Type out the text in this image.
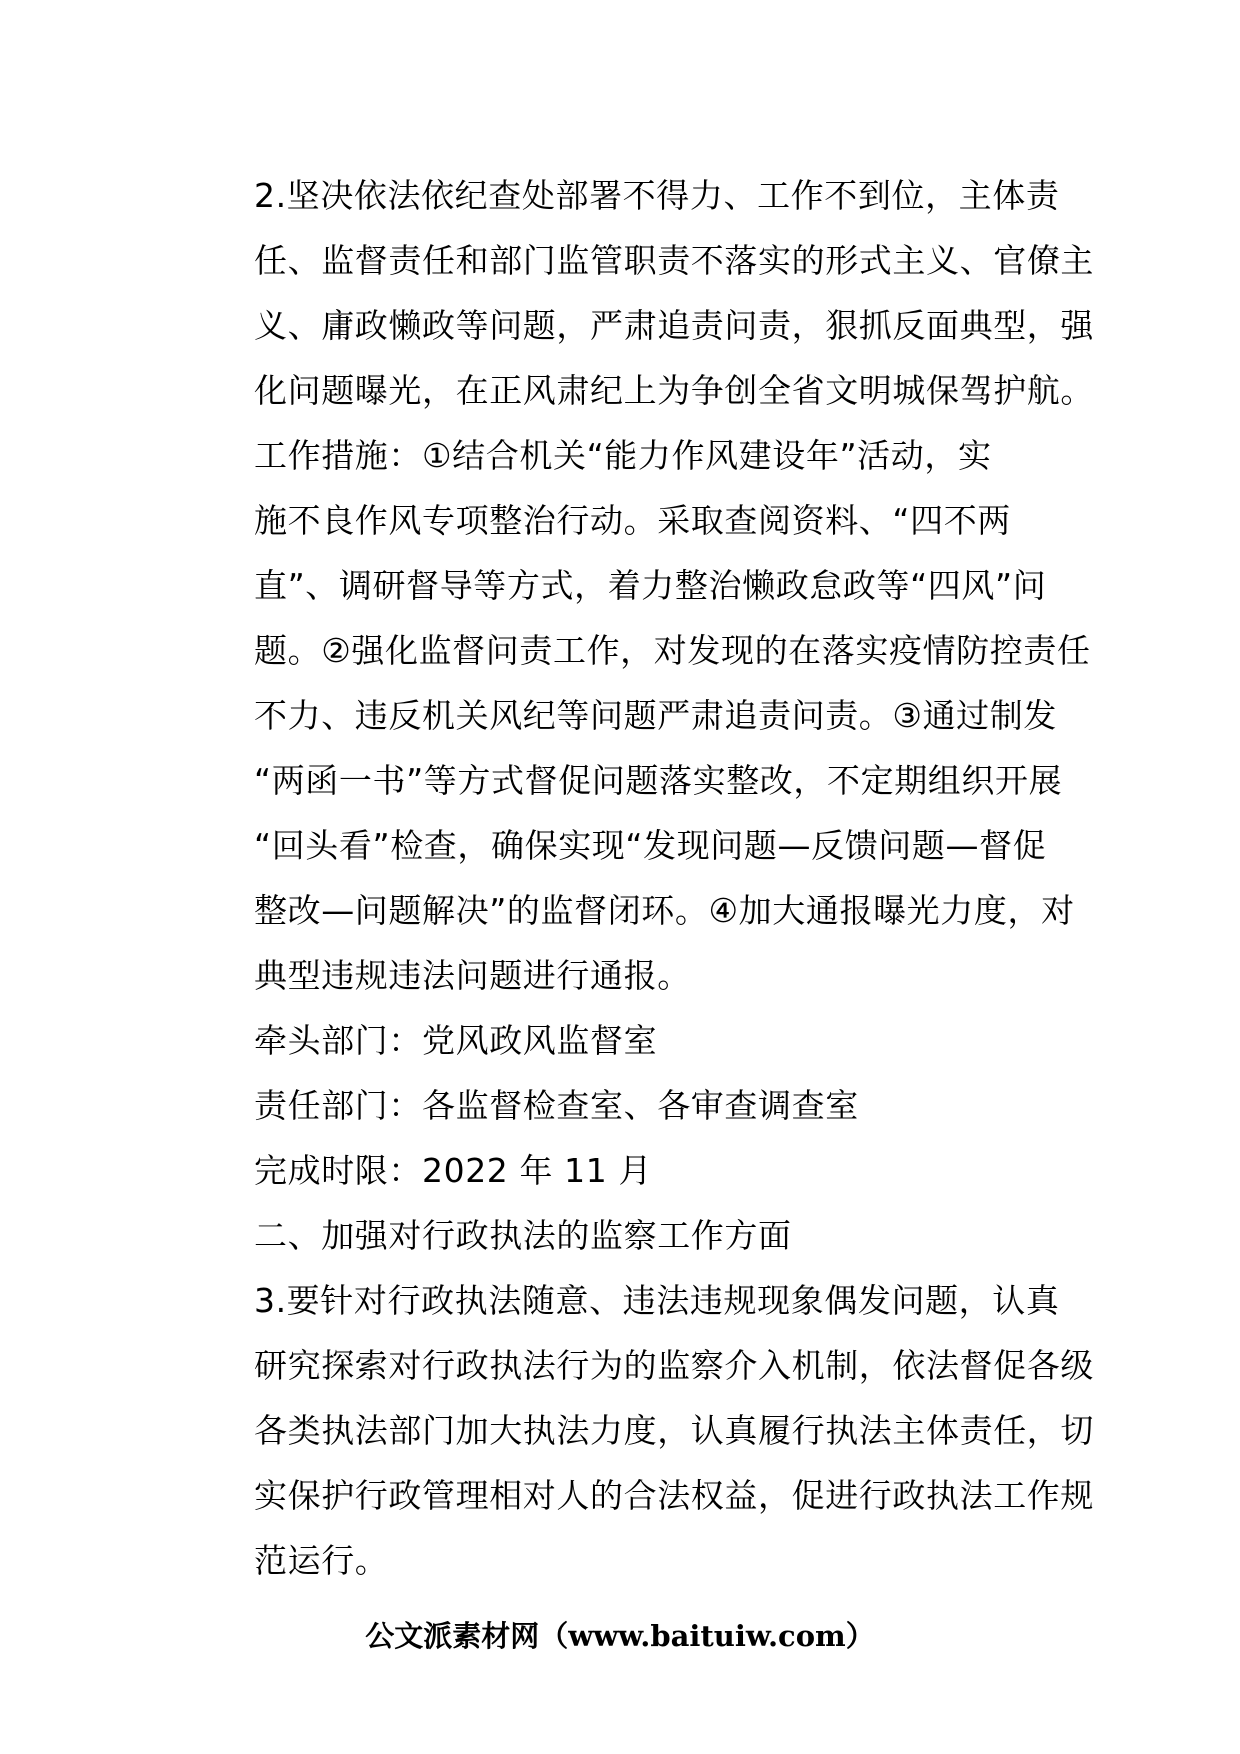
2.坚决依法依纪查处部署不得力、工作不到位，主体责
任、监督责任和部门监管职责不落实的形式主义、官僚主
义、庸政懒政等问题，严肃追责问责，狠抓反面典型，强
化问题曝光，在正风肃纪上为争创全省文明城保驾护航。

工作措施：①结合机关“能力作风建设年”活动，实
施不良作风专项整治行动。采取查阅资料、“四不两
直”、调研督导等方式，着力整治懒政怠政等“四风”问
题。②强化监督问责工作，对发现的在落实疫情防控责任
不力、违反机关风纪等问题严肃追责问责。③通过制发
“两函一书”等方式督促问题落实整改，不定期组织开展
“回头看”检查，确保实现“发现问题—反馈问题—督促
整改—问题解决”的监督闭环。④加大通报曝光力度，对
典型违规违法问题进行通报。

牵头部门：党风政风监督室

责任部门：各监督检查室、各审查调查室

完成时限：2022 年 11 月

二、加强对行政执法的监察工作方面

3.要针对行政执法随意、违法违规现象偶发问题，认真
研究探索对行政执法行为的监察介入机制，依法督促各级
各类执法部门加大执法力度，认真履行执法主体责任，切
实保护行政管理相对人的合法权益，促进行政执法工作规
范运行。

公文派素材网（www.baituiw.com）
